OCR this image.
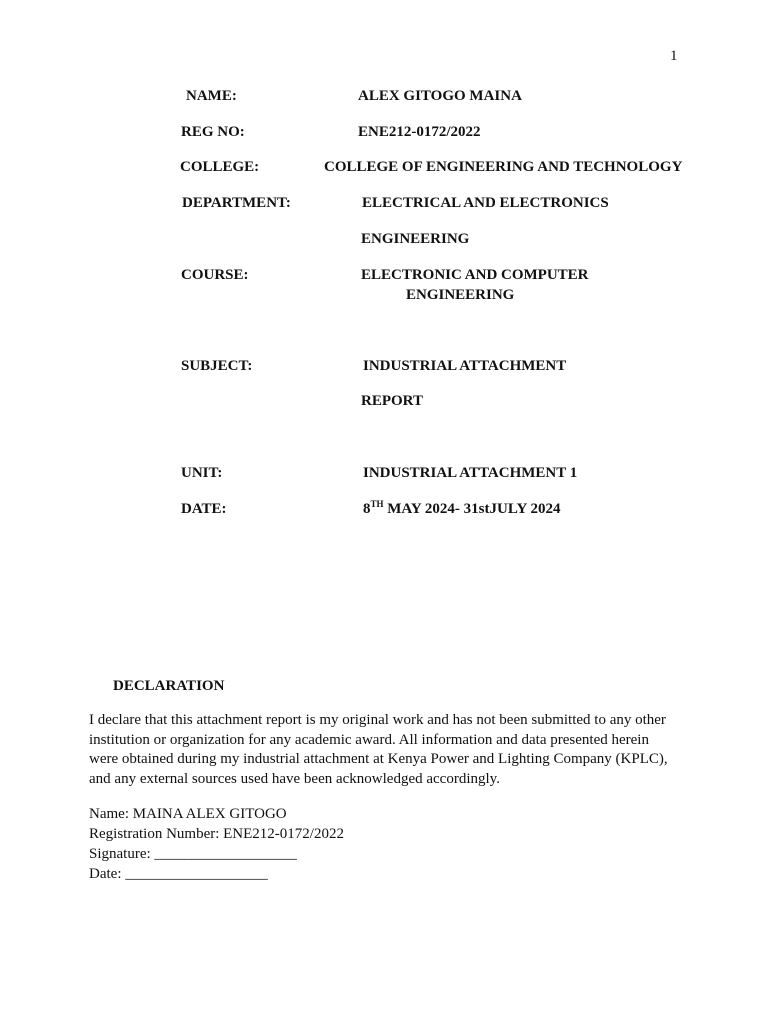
1
NAME:	ALEX GITOGO MAINA
REG NO:	ENE212-0172/2022
COLLEGE:	COLLEGE OF ENGINEERING AND TECHNOLOGY
DEPARTMENT:	ELECTRICAL AND ELECTRONICS
ENGINEERING
COURSE:	ELECTRONIC AND COMPUTER
ENGINEERING
SUBJECT:	INDUSTRIAL ATTACHMENT
REPORT
UNIT:	INDUSTRIAL ATTACHMENT 1
DATE:	8TH MAY 2024- 31stJULY 2024
DECLARATION
I declare that this attachment report is my original work and has not been submitted to any other
institution or organization for any academic award. All information and data presented herein
were obtained during my industrial attachment at Kenya Power and Lighting Company (KPLC),
and any external sources used have been acknowledged accordingly.
Name: MAINA ALEX GITOGO
Registration Number: ENE212-0172/2022
Signature: ___________________
Date: ___________________
